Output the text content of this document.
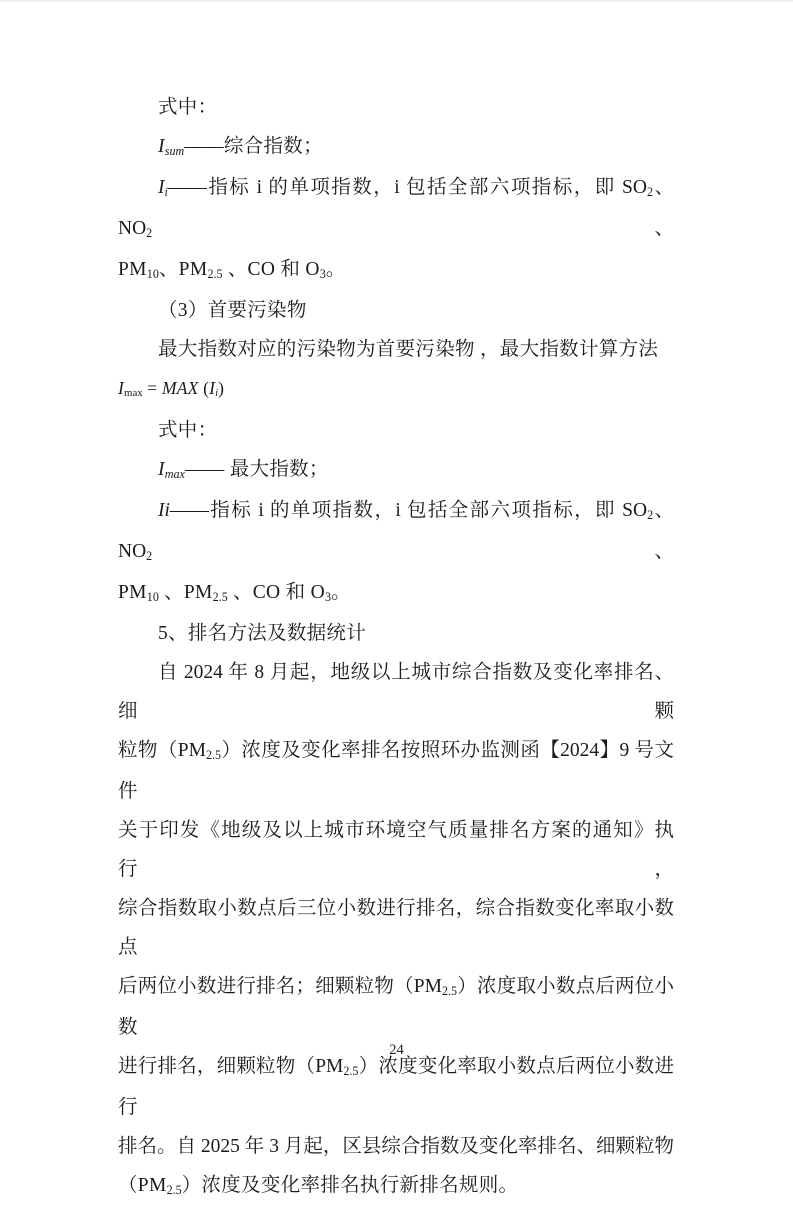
式中：
Isum——综合指数；
Ii——指标 i 的单项指数，i 包括全部六项指标，即 SO2、NO2、
PM10、PM2.5 、CO 和 O3。
（3）首要污染物
最大指数对应的污染物为首要污染物 ，最大指数计算方法
Imax = MAX (Ii)
式中：
Imax—— 最大指数；
Ii——指标 i 的单项指数，i 包括全部六项指标，即 SO2、NO2、
PM10 、PM2.5 、CO 和 O3。
5、排名方法及数据统计
自 2024 年 8 月起，地级以上城市综合指数及变化率排名、细颗
粒物（PM2.5）浓度及变化率排名按照环办监测函【2024】9 号文件
关于印发《地级及以上城市环境空气质量排名方案的通知》执行，
综合指数取小数点后三位小数进行排名，综合指数变化率取小数点
后两位小数进行排名；细颗粒物（PM2.5）浓度取小数点后两位小数
进行排名，细颗粒物（PM2.5）浓度变化率取小数点后两位小数进行
排名。自 2025 年 3 月起，区县综合指数及变化率排名、细颗粒物
（PM2.5）浓度及变化率排名执行新排名规则。
24
